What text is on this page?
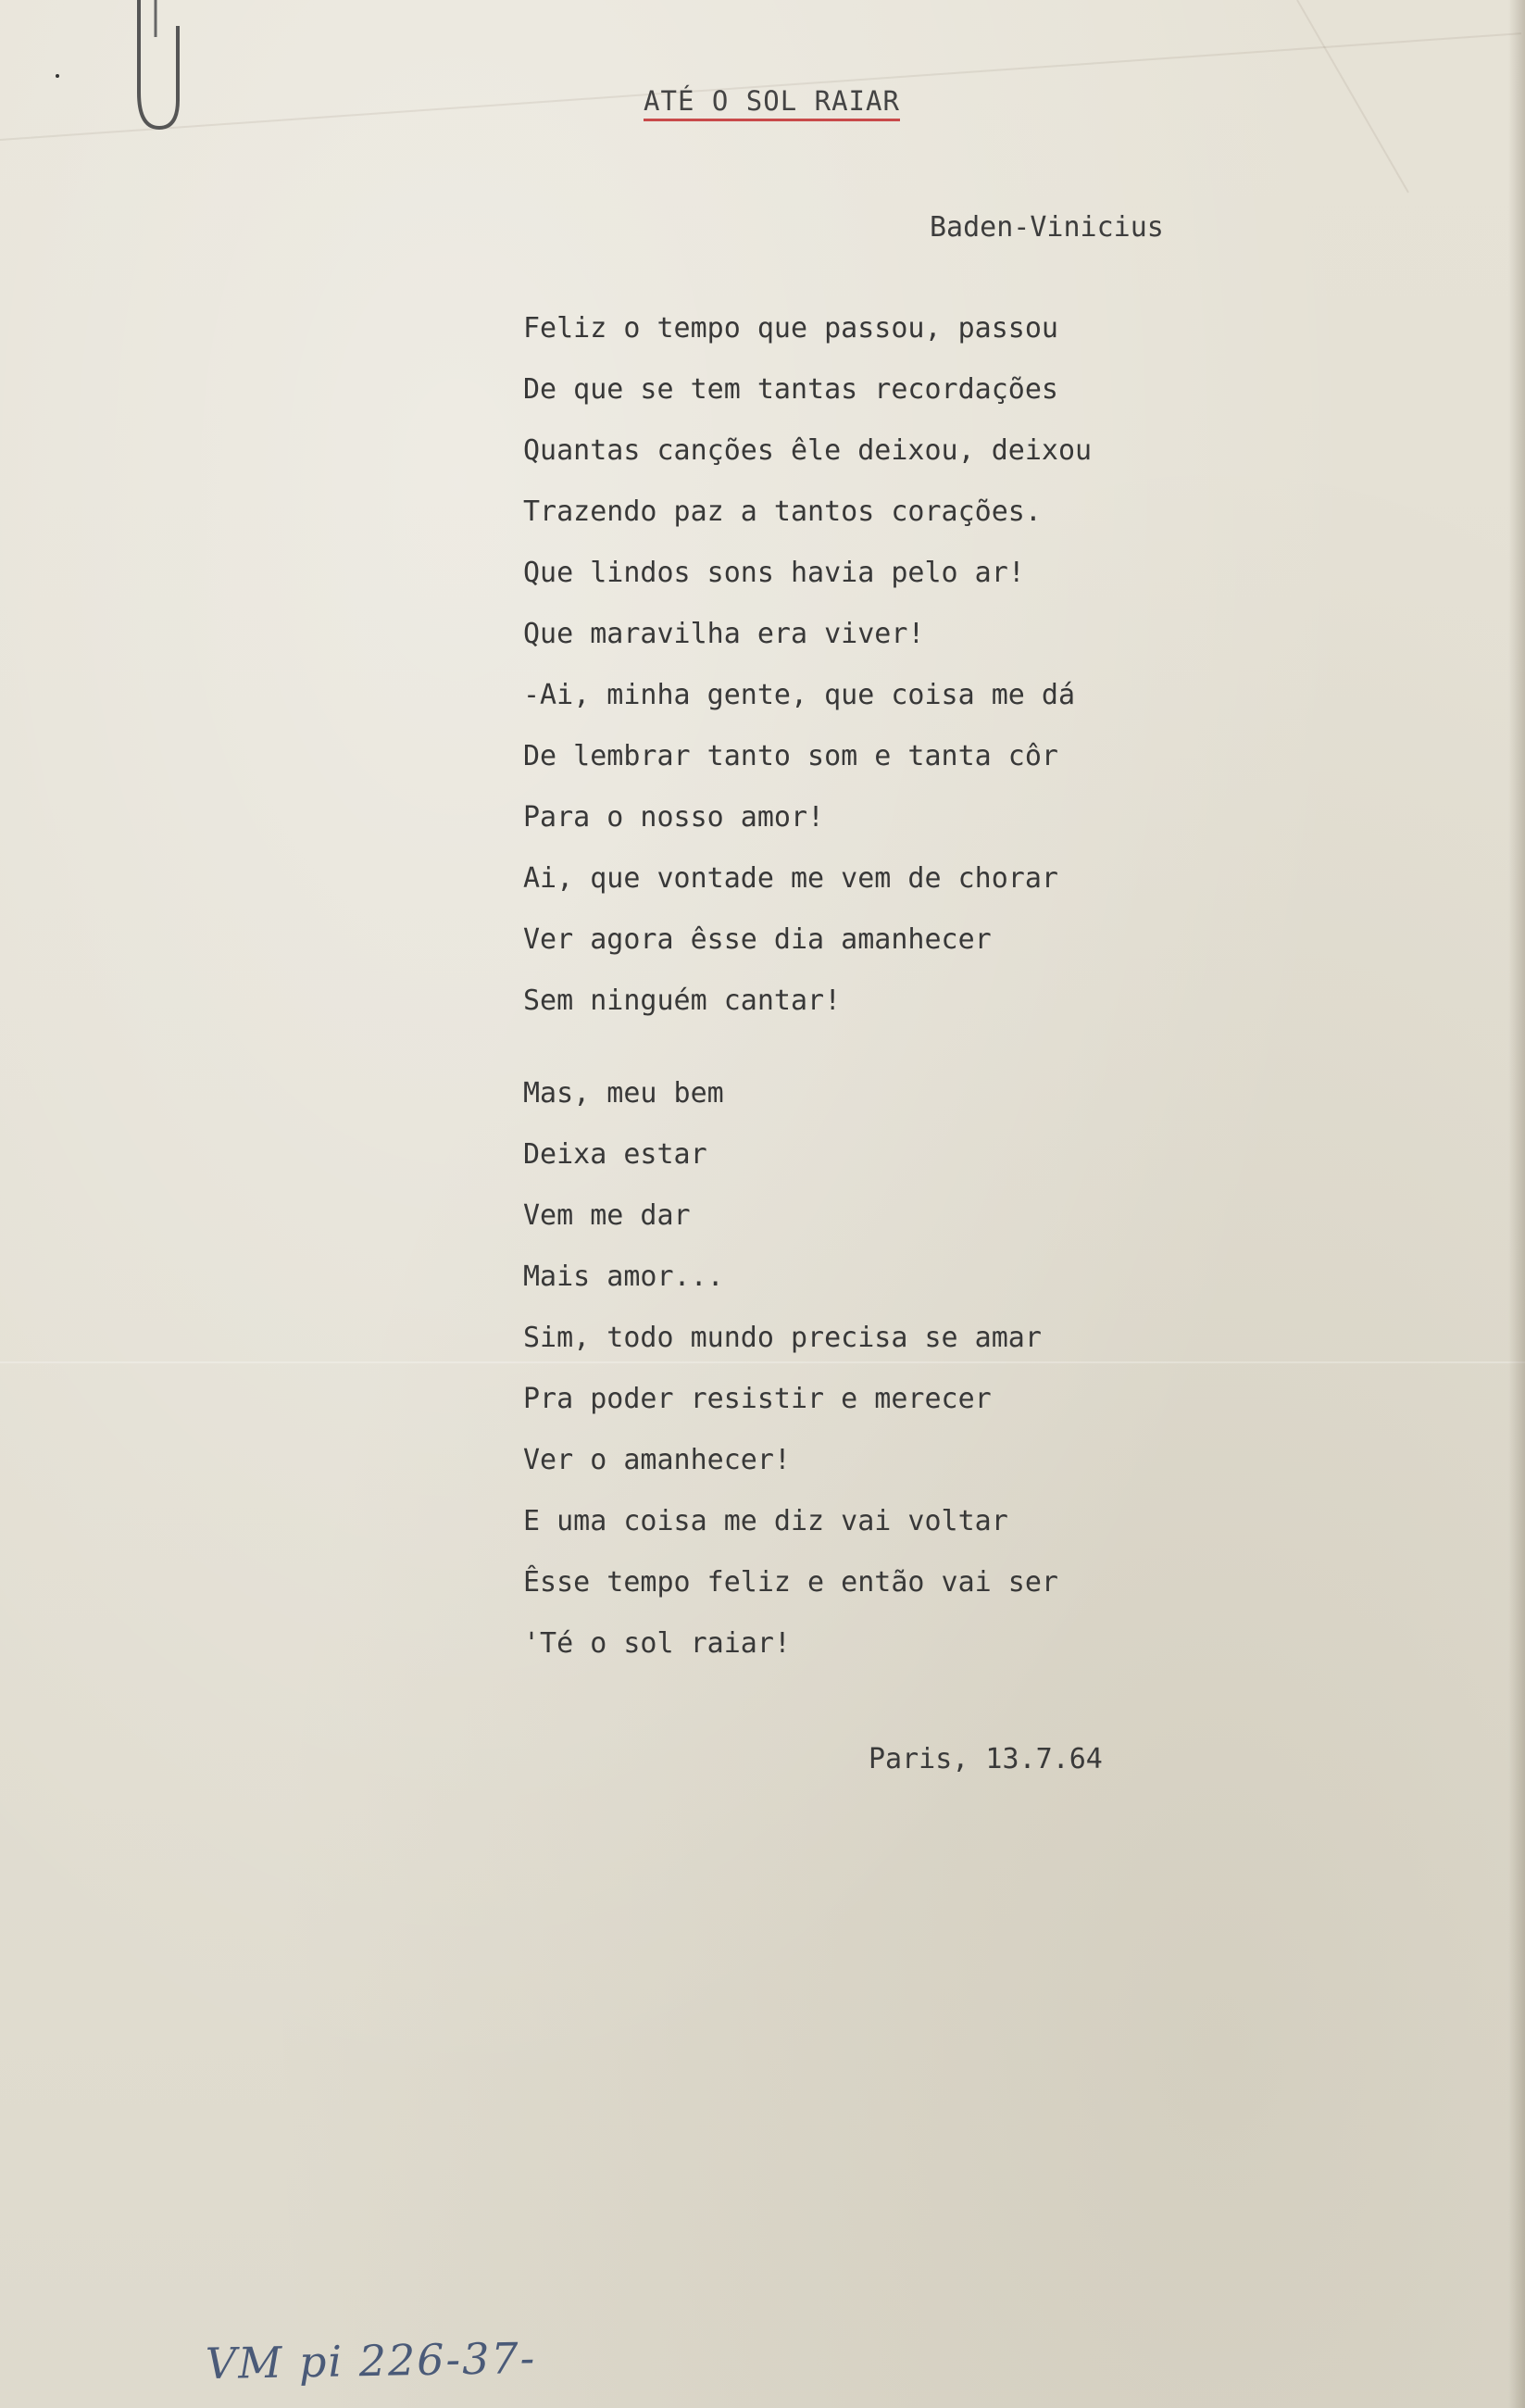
ATÉ O SOL RAIAR
Baden-Vinicius
Feliz o tempo que passou, passou
De que se tem tantas recordações
Quantas canções êle deixou, deixou
Trazendo paz a tantos corações.
Que lindos sons havia pelo ar!
Que maravilha era viver!
-Ai, minha gente, que coisa me dá
De lembrar tanto som e tanta côr
Para o nosso amor!
Ai, que vontade me vem de chorar
Ver agora êsse dia amanhecer
Sem ninguém cantar!
Mas, meu bem
Deixa estar
Vem me dar
Mais amor...
Sim, todo mundo precisa se amar
Pra poder resistir e merecer
Ver o amanhecer!
E uma coisa me diz vai voltar
Êsse tempo feliz e então vai ser
'Té o sol raiar!
Paris, 13.7.64
VM pi 226-37-
